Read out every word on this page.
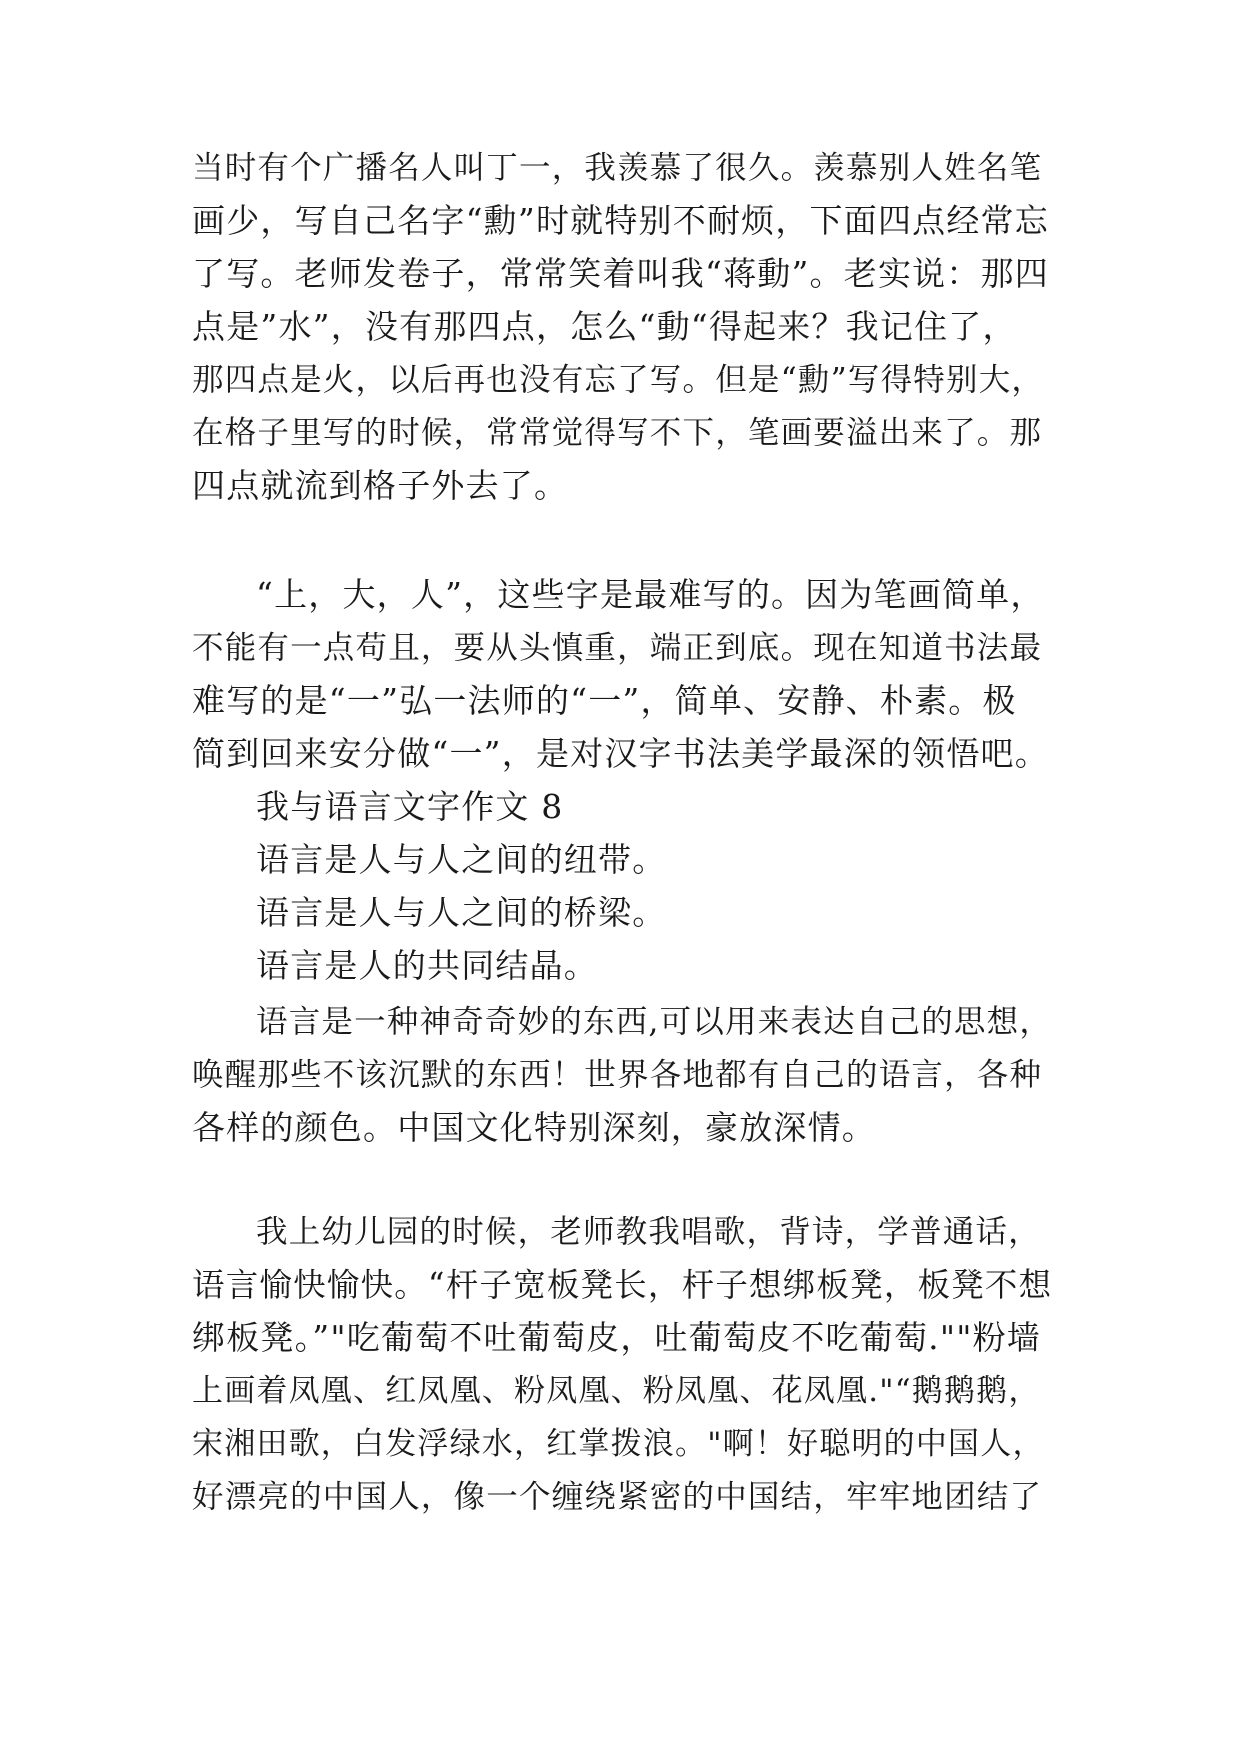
当时有个广播名人叫丁一，我羡慕了很久。羡慕别人姓名笔
画少，写自己名字“勳”时就特别不耐烦，下面四点经常忘
了写。老师发卷子，常常笑着叫我“蒋動”。老实说：那四
点是”水”，没有那四点，怎么“動“得起来？我记住了，
那四点是火，以后再也没有忘了写。但是“勳”写得特别大，
在格子里写的时候，常常觉得写不下，笔画要溢出来了。那
四点就流到格子外去了。
“上，大，人”，这些字是最难写的。因为笔画简单，
不能有一点苟且，要从头慎重，端正到底。现在知道书法最
难写的是“一”弘一法师的“一”，简单、安静、朴素。极
简到回来安分做“一”，是对汉字书法美学最深的领悟吧。
我与语言文字作文 8
语言是人与人之间的纽带。
语言是人与人之间的桥梁。
语言是人的共同结晶。
语言是一种神奇奇妙的东西,可以用来表达自己的思想，
唤醒那些不该沉默的东西！世界各地都有自己的语言，各种
各样的颜色。中国文化特别深刻，豪放深情。
我上幼儿园的时候，老师教我唱歌，背诗，学普通话，
语言愉快愉快。“杆子宽板凳长，杆子想绑板凳，板凳不想
绑板凳。”"吃葡萄不吐葡萄皮，吐葡萄皮不吃葡萄.""粉墙
上画着凤凰、红凤凰、粉凤凰、粉凤凰、花凤凰."“鹅鹅鹅，
宋湘田歌，白发浮绿水，红掌拨浪。"啊！好聪明的中国人，
好漂亮的中国人，像一个缠绕紧密的中国结，牢牢地团结了
